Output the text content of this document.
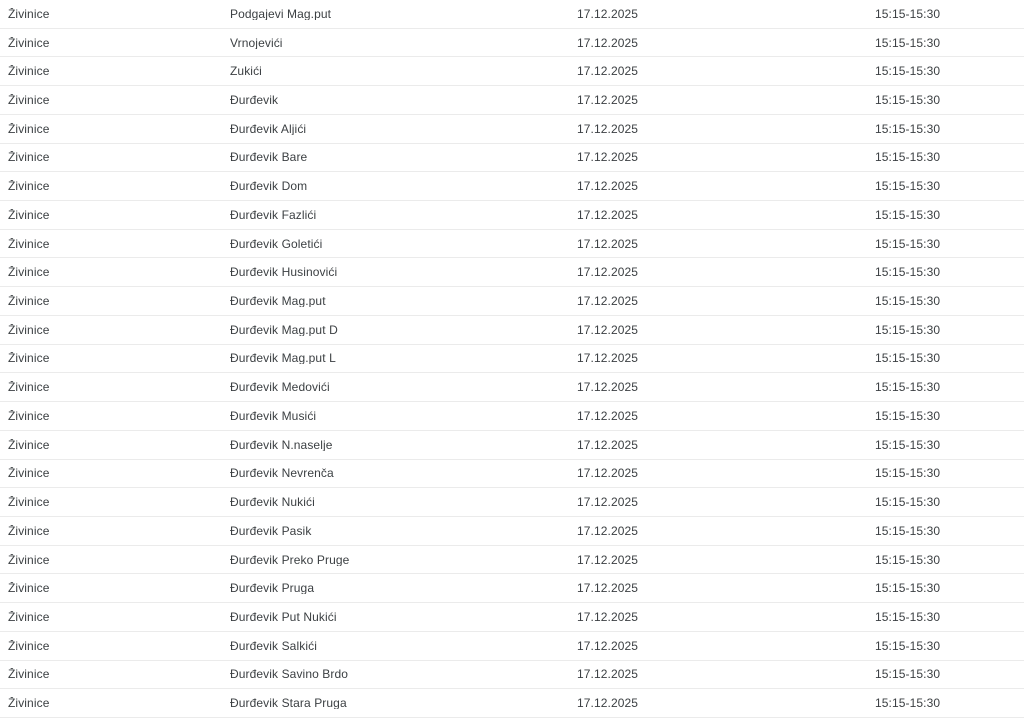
Živinice	Podgajevi Mag.put	17.12.2025	15:15-15:30
Živinice	Vrnojevići	17.12.2025	15:15-15:30
Živinice	Zukići	17.12.2025	15:15-15:30
Živinice	Đurđevik	17.12.2025	15:15-15:30
Živinice	Đurđevik Aljići	17.12.2025	15:15-15:30
Živinice	Đurđevik Bare	17.12.2025	15:15-15:30
Živinice	Đurđevik Dom	17.12.2025	15:15-15:30
Živinice	Đurđevik Fazlići	17.12.2025	15:15-15:30
Živinice	Đurđevik Goletići	17.12.2025	15:15-15:30
Živinice	Đurđevik Husinovići	17.12.2025	15:15-15:30
Živinice	Đurđevik Mag.put	17.12.2025	15:15-15:30
Živinice	Đurđevik Mag.put D	17.12.2025	15:15-15:30
Živinice	Đurđevik Mag.put L	17.12.2025	15:15-15:30
Živinice	Đurđevik Medovići	17.12.2025	15:15-15:30
Živinice	Đurđevik Musići	17.12.2025	15:15-15:30
Živinice	Đurđevik N.naselje	17.12.2025	15:15-15:30
Živinice	Đurđevik Nevrenča	17.12.2025	15:15-15:30
Živinice	Đurđevik Nukići	17.12.2025	15:15-15:30
Živinice	Đurđevik Pasik	17.12.2025	15:15-15:30
Živinice	Đurđevik Preko Pruge	17.12.2025	15:15-15:30
Živinice	Đurđevik Pruga	17.12.2025	15:15-15:30
Živinice	Đurđevik Put Nukići	17.12.2025	15:15-15:30
Živinice	Đurđevik Salkići	17.12.2025	15:15-15:30
Živinice	Đurđevik Savino Brdo	17.12.2025	15:15-15:30
Živinice	Đurđevik Stara Pruga	17.12.2025	15:15-15:30
